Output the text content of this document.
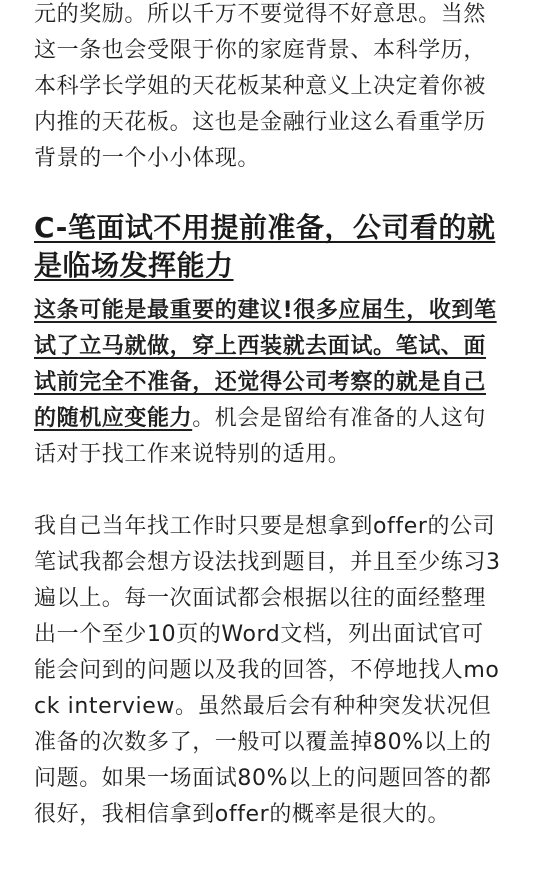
元的奖励。所以千万不要觉得不好意思。当然这一条也会受限于你的家庭背景、本科学历，本科学长学姐的天花板某种意义上决定着你被内推的天花板。这也是金融行业这么看重学历背景的一个小小体现。

C-笔面试不用提前准备，公司看的就是临场发挥能力

这条可能是最重要的建议!很多应届生，收到笔试了立马就做，穿上西装就去面试。笔试、面试前完全不准备，还觉得公司考察的就是自己的随机应变能力。机会是留给有准备的人这句话对于找工作来说特别的适用。

我自己当年找工作时只要是想拿到offer的公司笔试我都会想方设法找到题目，并且至少练习3遍以上。每一次面试都会根据以往的面经整理出一个至少10页的Word文档，列出面试官可能会问到的问题以及我的回答，不停地找人mock interview。虽然最后会有种种突发状况但准备的次数多了，一般可以覆盖掉80%以上的问题。如果一场面试80%以上的问题回答的都很好，我相信拿到offer的概率是很大的。
